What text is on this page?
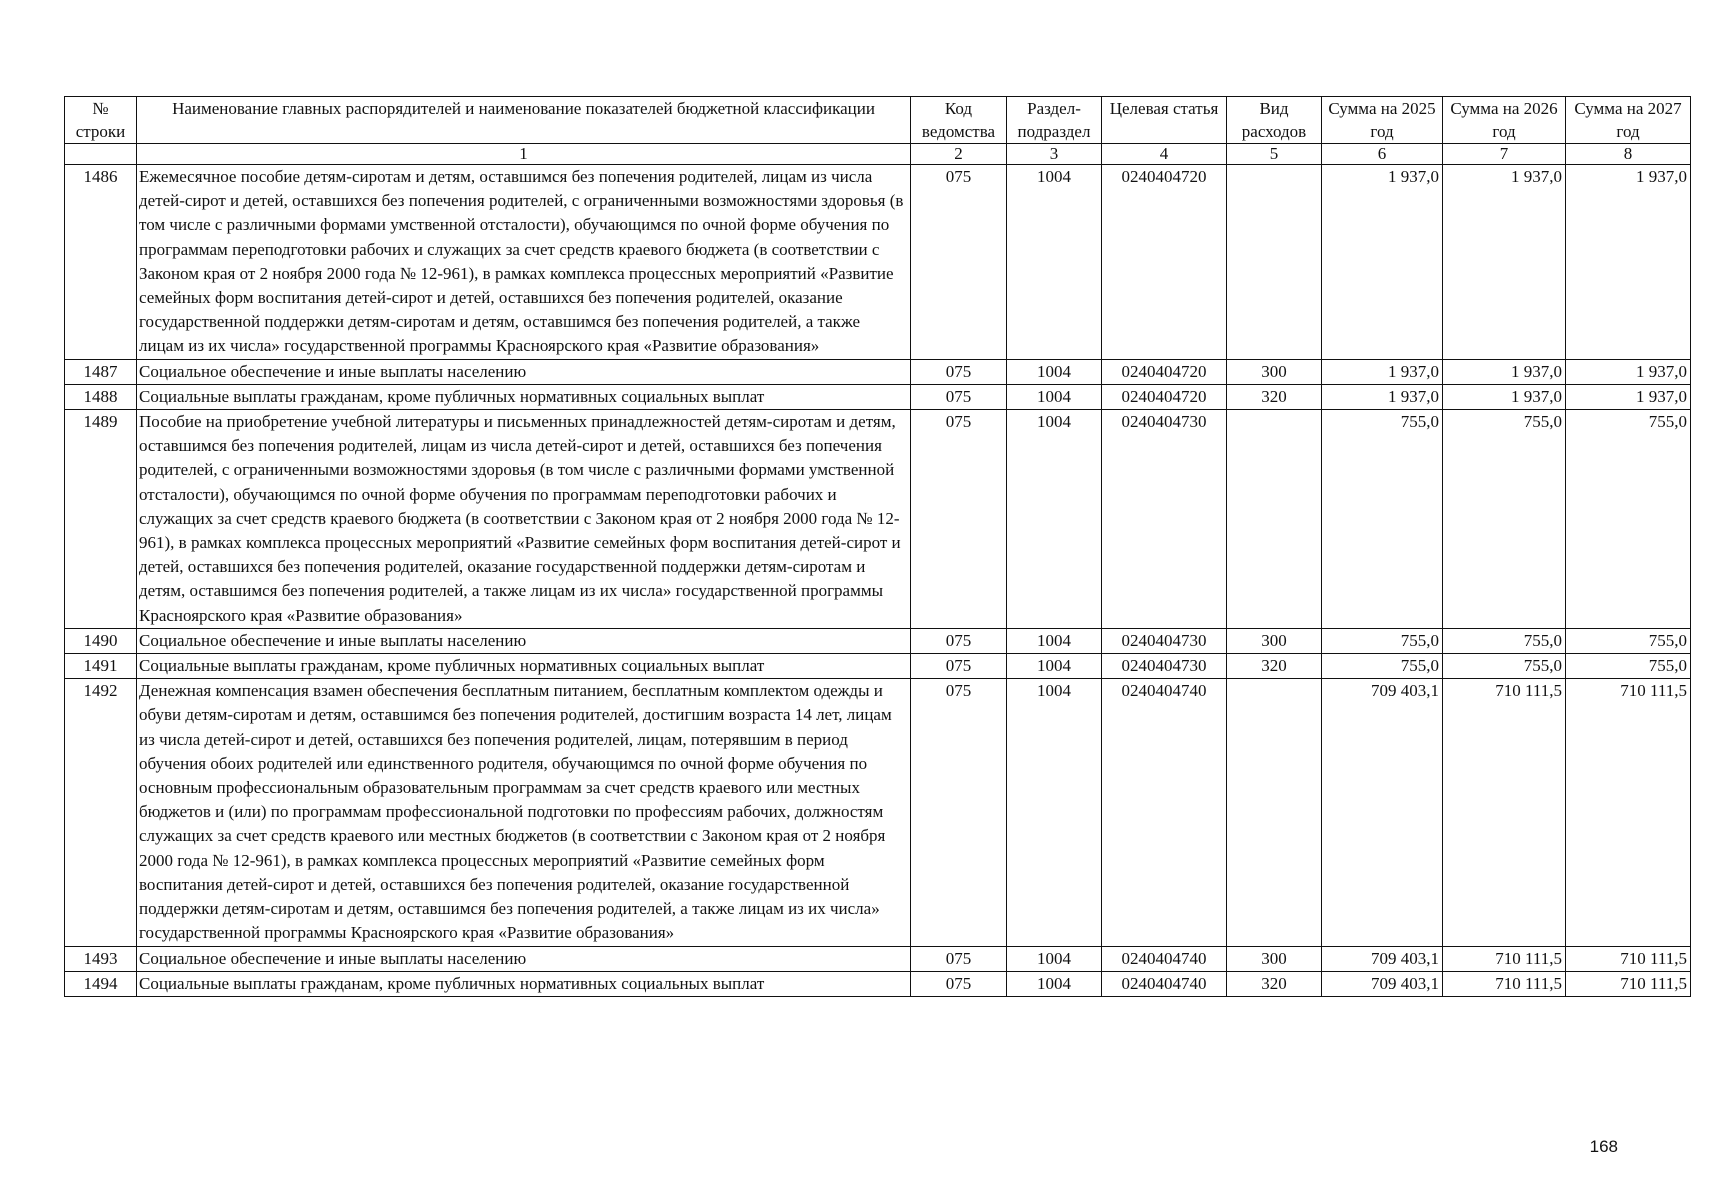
№ строки	Наименование главных распорядителей и наименование показателей бюджетной классификации	Код ведомства	Раздел-подраздел	Целевая статья	Вид расходов	Сумма на 2025 год	Сумма на 2026 год	Сумма на 2027 год
	1	2	3	4	5	6	7	8
1486	Ежемесячное пособие детям-сиротам и детям, оставшимся без попечения родителей, лицам из числа детей-сирот и детей, оставшихся без попечения родителей, с ограниченными возможностями здоровья (в том числе с различными формами умственной отсталости), обучающимся по очной форме обучения по программам переподготовки рабочих и служащих за счет средств краевого бюджета (в соответствии с Законом края от 2 ноября 2000 года № 12-961), в рамках комплекса процессных мероприятий «Развитие семейных форм воспитания детей-сирот и детей, оставшихся без попечения родителей, оказание государственной поддержки детям-сиротам и детям, оставшимся без попечения родителей, а также лицам из их числа» государственной программы Красноярского края «Развитие образования»	075	1004	0240404720		1 937,0	1 937,0	1 937,0
1487	Социальное обеспечение и иные выплаты населению	075	1004	0240404720	300	1 937,0	1 937,0	1 937,0
1488	Социальные выплаты гражданам, кроме публичных нормативных социальных выплат	075	1004	0240404720	320	1 937,0	1 937,0	1 937,0
1489	Пособие на приобретение учебной литературы и письменных принадлежностей детям-сиротам и детям, оставшимся без попечения родителей, лицам из числа детей-сирот и детей, оставшихся без попечения родителей, с ограниченными возможностями здоровья (в том числе с различными формами умственной отсталости), обучающимся по очной форме обучения по программам переподготовки рабочих и служащих за счет средств краевого бюджета (в соответствии с Законом края от 2 ноября 2000 года № 12-961), в рамках комплекса процессных мероприятий «Развитие семейных форм воспитания детей-сирот и детей, оставшихся без попечения родителей, оказание государственной поддержки детям-сиротам и детям, оставшимся без попечения родителей, а также лицам из их числа» государственной программы Красноярского края «Развитие образования»	075	1004	0240404730		755,0	755,0	755,0
1490	Социальное обеспечение и иные выплаты населению	075	1004	0240404730	300	755,0	755,0	755,0
1491	Социальные выплаты гражданам, кроме публичных нормативных социальных выплат	075	1004	0240404730	320	755,0	755,0	755,0
1492	Денежная компенсация взамен обеспечения бесплатным питанием, бесплатным комплектом одежды и обуви детям-сиротам и детям, оставшимся без попечения родителей, достигшим возраста 14 лет, лицам из числа детей-сирот и детей, оставшихся без попечения родителей, лицам, потерявшим в период обучения обоих родителей или единственного родителя, обучающимся по очной форме обучения по основным профессиональным образовательным программам за счет средств краевого или местных бюджетов и (или) по программам профессиональной подготовки по профессиям рабочих, должностям служащих за счет средств краевого или местных бюджетов (в соответствии с Законом края от 2 ноября 2000 года № 12-961), в рамках комплекса процессных мероприятий «Развитие семейных форм воспитания детей-сирот и детей, оставшихся без попечения родителей, оказание государственной поддержки детям-сиротам и детям, оставшимся без попечения родителей, а также лицам из их числа» государственной программы Красноярского края «Развитие образования»	075	1004	0240404740		709 403,1	710 111,5	710 111,5
1493	Социальное обеспечение и иные выплаты населению	075	1004	0240404740	300	709 403,1	710 111,5	710 111,5
1494	Социальные выплаты гражданам, кроме публичных нормативных социальных выплат	075	1004	0240404740	320	709 403,1	710 111,5	710 111,5
168
